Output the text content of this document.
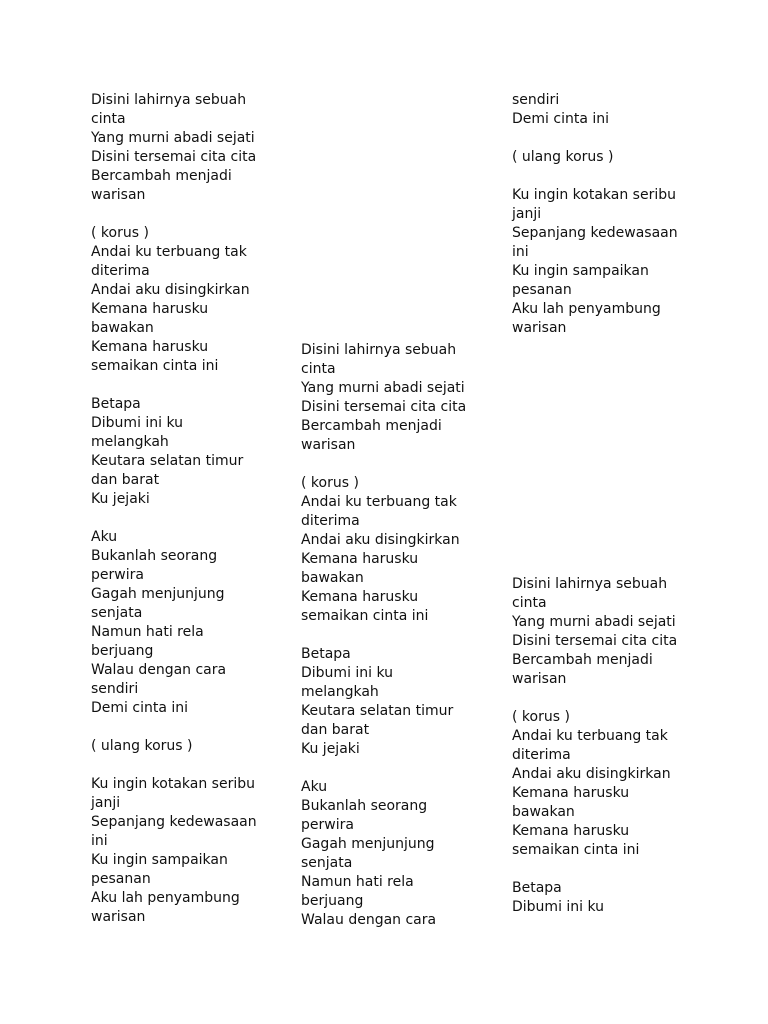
Disini lahirnya sebuah cinta
Yang murni abadi sejati
Disini tersemai cita cita
Bercambah menjadi warisan
( korus )
Andai ku terbuang tak diterima
Andai aku disingkirkan
Kemana harusku bawakan
Kemana harusku semaikan cinta ini
Betapa
Dibumi ini ku melangkah
Keutara selatan timur dan barat
Ku jejaki
Aku
Bukanlah seorang perwira
Gagah menjunjung senjata
Namun hati rela berjuang
Walau dengan cara sendiri
Demi cinta ini
( ulang korus )
Ku ingin kotakan seribu janji
Sepanjang kedewasaan ini
Ku ingin sampaikan pesanan
Aku lah penyambung warisan
Disini lahirnya sebuah cinta
Yang murni abadi sejati
Disini tersemai cita cita
Bercambah menjadi warisan
( korus )
Andai ku terbuang tak diterima
Andai aku disingkirkan
Kemana harusku bawakan
Kemana harusku semaikan cinta ini
Betapa
Dibumi ini ku melangkah
Keutara selatan timur dan barat
Ku jejaki
Aku
Bukanlah seorang perwira
Gagah menjunjung senjata
Namun hati rela berjuang
Walau dengan cara
sendiri
Demi cinta ini
( ulang korus )
Ku ingin kotakan seribu janji
Sepanjang kedewasaan ini
Ku ingin sampaikan pesanan
Aku lah penyambung warisan
Disini lahirnya sebuah cinta
Yang murni abadi sejati
Disini tersemai cita cita
Bercambah menjadi warisan
( korus )
Andai ku terbuang tak diterima
Andai aku disingkirkan
Kemana harusku bawakan
Kemana harusku semaikan cinta ini
Betapa
Dibumi ini ku
